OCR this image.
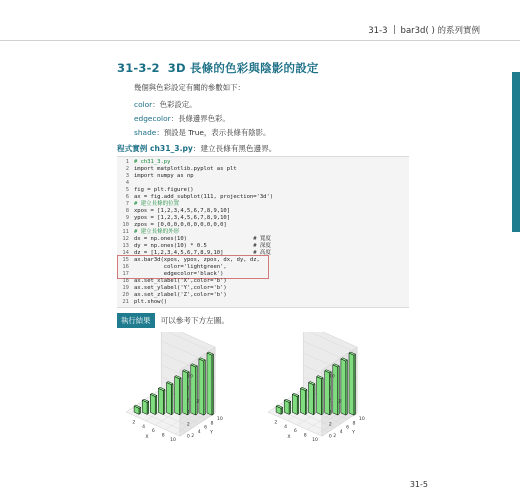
31-3 bar3d( ) 的系列實例
31-3-2 3D 長條的色彩與陰影的設定
幾個與色彩設定有關的參數如下：
color：色彩設定。
edgecolor：長條邊界色彩。
shade：預設是 True，表示長條有陰影。
程式實例 ch31_3.py：建立長條有黑色邊界。
1 # ch31_3.py
2 import matplotlib.pyplot as plt
3 import numpy as np
4
5 fig = plt.figure()
6 ax = fig.add_subplot(111, projection='3d')
7 # 建立長條的位置
8 xpos = [1,2,3,4,5,6,7,8,9,10]
9 ypos = [1,2,3,4,5,6,7,8,9,10]
10 zpos = [0,0,0,0,0,0,0,0,0,0]
11 # 建立長條的外形
12 dx = np.ones(10)                    # 寬度
13 dy = np.ones(10) * 0.5              # 深度
14 dz = [1,2,3,4,5,6,7,8,9,10]         # 高度
15 ax.bar3d(xpos, ypos, zpos, dx, dy, dz,
16         color='lightgreen',
17         edgecolor='black')
18 ax.set_xlabel('X',color='b')
19 ax.set_ylabel('Y',color='b')
20 ax.set_zlabel('Z',color='b')
21 plt.show()
執行結果 可以參考下方左圖。
0
2
4
6
8
10
2
4
6
8
10
2
4
6
8
10
X
Y
Z
0
2
4
6
8
10
2
4
6
8
10
2
4
6
8
10
X
Y
Z
31-5
